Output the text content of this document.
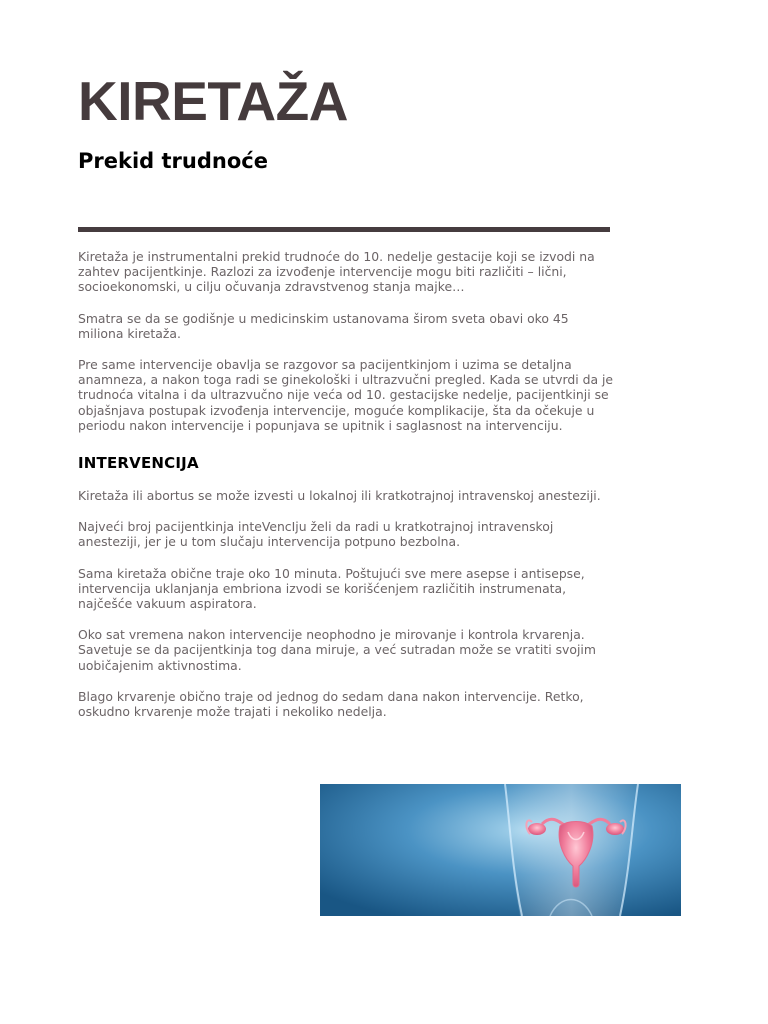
KIRETAŽA
Prekid trudnoće

Kiretaža je instrumentalni prekid trudnoće do 10. nedelje gestacije koji se izvodi na zahtev pacijentkinje. Razlozi za izvođenje intervencije mogu biti različiti – lični, socioekonomski, u cilju očuvanja zdravstvenog stanja majke…

Smatra se da se godišnje u medicinskim ustanovama širom sveta obavi oko 45 miliona kiretaža.

Pre same intervencije obavlja se razgovor sa pacijentkinjom i uzima se detaljna anamneza, a nakon toga radi se ginekološki i ultrazvučni pregled. Kada se utvrdi da je trudnoća vitalna i da ultrazvučno nije veća od 10. gestacijske nedelje, pacijentkinji se objašnjava postupak izvođenja intervencije, moguće komplikacije, šta da očekuje u periodu nakon intervencije i popunjava se upitnik i saglasnost na intervenciju.

INTERVENCIJA

Kiretaža ili abortus se može izvesti u lokalnoj ili kratkotrajnoj intravenskoj anesteziji.

Najveći broj pacijentkinja inteVencIju želi da radi u kratkotrajnoj intravenskoj anesteziji, jer je u tom slučaju intervencija potpuno bezbolna.

Sama kiretaža obične traje oko 10 minuta. Poštujući sve mere asepse i antisepse, intervencija uklanjanja embriona izvodi se korišćenjem različitih instrumenata, najčešće vakuum aspiratora.

Oko sat vremena nakon intervencije neophodno je mirovanje i kontrola krvarenja. Savetuje se da pacijentkinja tog dana miruje, a već sutradan može se vratiti svojim uobičajenim aktivnostima.

Blago krvarenje obično traje od jednog do sedam dana nakon intervencije. Retko, oskudno krvarenje može trajati i nekoliko nedelja.
